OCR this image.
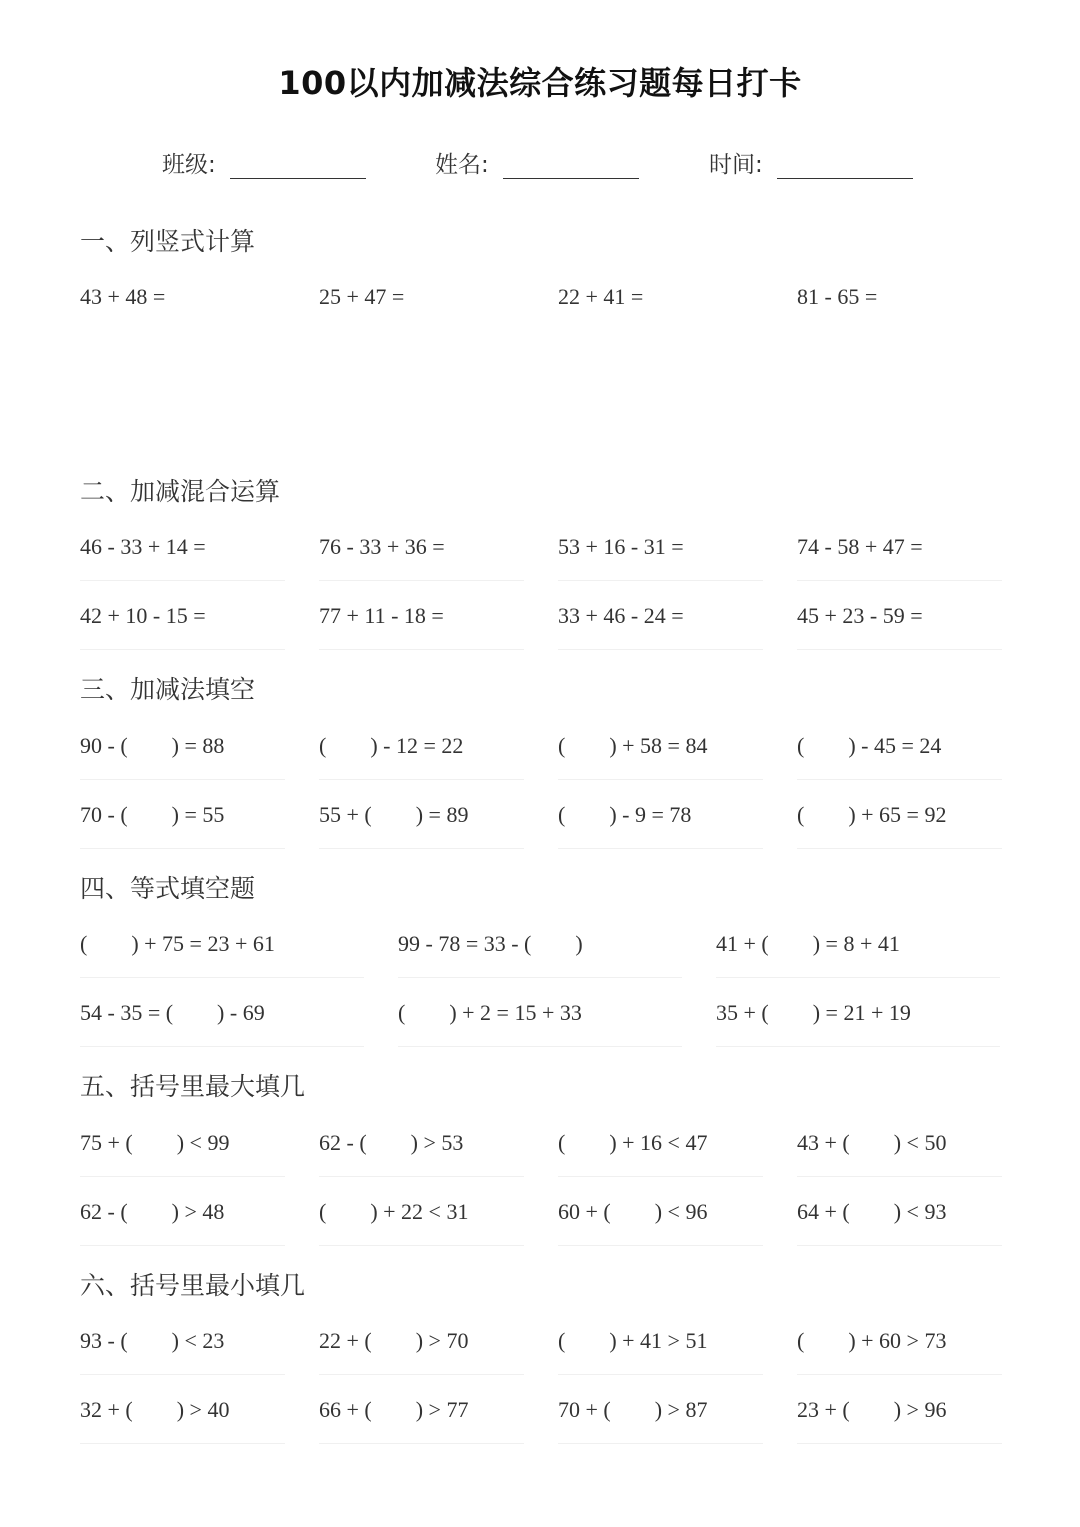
100以内加减法综合练习题每日打卡
班级:	姓名:	时间:
一、列竖式计算
43 + 48 =	25 + 47 =	22 + 41 =	81 - 65 =
二、加减混合运算
46 - 33 + 14 =	76 - 33 + 36 =	53 + 16 - 31 =	74 - 58 + 47 =
42 + 10 - 15 =	77 + 11 - 18 =	33 + 46 - 24 =	45 + 23 - 59 =
三、加减法填空
90 - (        ) = 88	(        ) - 12 = 22	(        ) + 58 = 84	(        ) - 45 = 24
70 - (        ) = 55	55 + (        ) = 89	(        ) - 9 = 78	(        ) + 65 = 92
四、等式填空题
(        ) + 75 = 23 + 61	99 - 78 = 33 - (        )	41 + (        ) = 8 + 41
54 - 35 = (        ) - 69	(        ) + 2 = 15 + 33	35 + (        ) = 21 + 19
五、括号里最大填几
75 + (        ) < 99	62 - (        ) > 53	(        ) + 16 < 47	43 + (        ) < 50
62 - (        ) > 48	(        ) + 22 < 31	60 + (        ) < 96	64 + (        ) < 93
六、括号里最小填几
93 - (        ) < 23	22 + (        ) > 70	(        ) + 41 > 51	(        ) + 60 > 73
32 + (        ) > 40	66 + (        ) > 77	70 + (        ) > 87	23 + (        ) > 96
